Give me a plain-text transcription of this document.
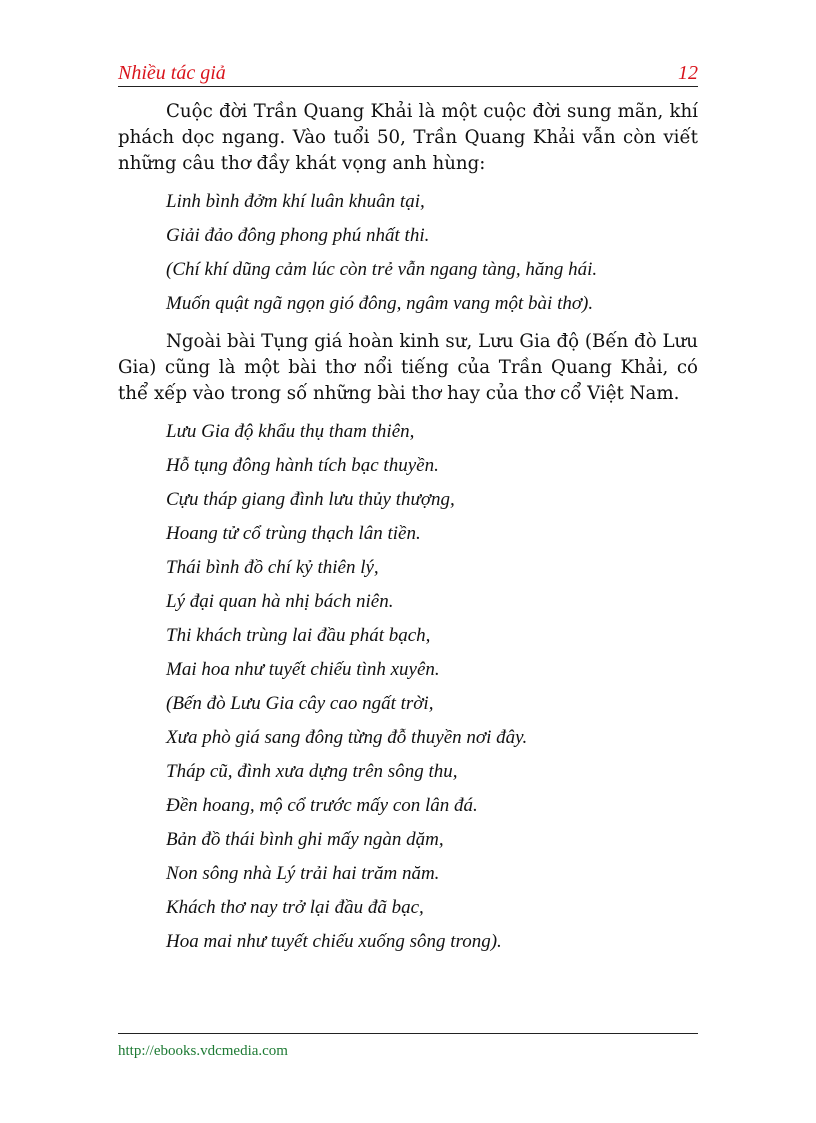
Nhiều tác giả	12

Cuộc đời Trần Quang Khải là một cuộc đời sung mãn, khí phách dọc ngang. Vào tuổi 50, Trần Quang Khải vẫn còn viết những câu thơ đầy khát vọng anh hùng:

Linh bình đởm khí luân khuân tại,

Giải đảo đông phong phú nhất thi.

(Chí khí dũng cảm lúc còn trẻ vẫn ngang tàng, hăng hái.

Muốn quật ngã ngọn gió đông, ngâm vang một bài thơ).

Ngoài bài Tụng giá hoàn kinh sư, Lưu Gia độ (Bến đò Lưu Gia) cũng là một bài thơ nổi tiếng của Trần Quang Khải, có thể xếp vào trong số những bài thơ hay của thơ cổ Việt Nam.

Lưu Gia độ khẩu thụ tham thiên,

Hỗ tụng đông hành tích bạc thuyền.

Cựu tháp giang đình lưu thủy thượng,

Hoang tử cổ trùng thạch lân tiền.

Thái bình đồ chí kỷ thiên lý,

Lý đại quan hà nhị bách niên.

Thi khách trùng lai đầu phát bạch,

Mai hoa như tuyết chiếu tình xuyên.

(Bến đò Lưu Gia cây cao ngất trời,

Xưa phò giá sang đông từng đỗ thuyền nơi đây.

Tháp cũ, đình xưa dựng trên sông thu,

Đền hoang, mộ cổ trước mấy con lân đá.

Bản đồ thái bình ghi mấy ngàn dặm,

Non sông nhà Lý trải hai trăm năm.

Khách thơ nay trở lại đầu đã bạc,

Hoa mai như tuyết chiếu xuống sông trong).

http://ebooks.vdcmedia.com
